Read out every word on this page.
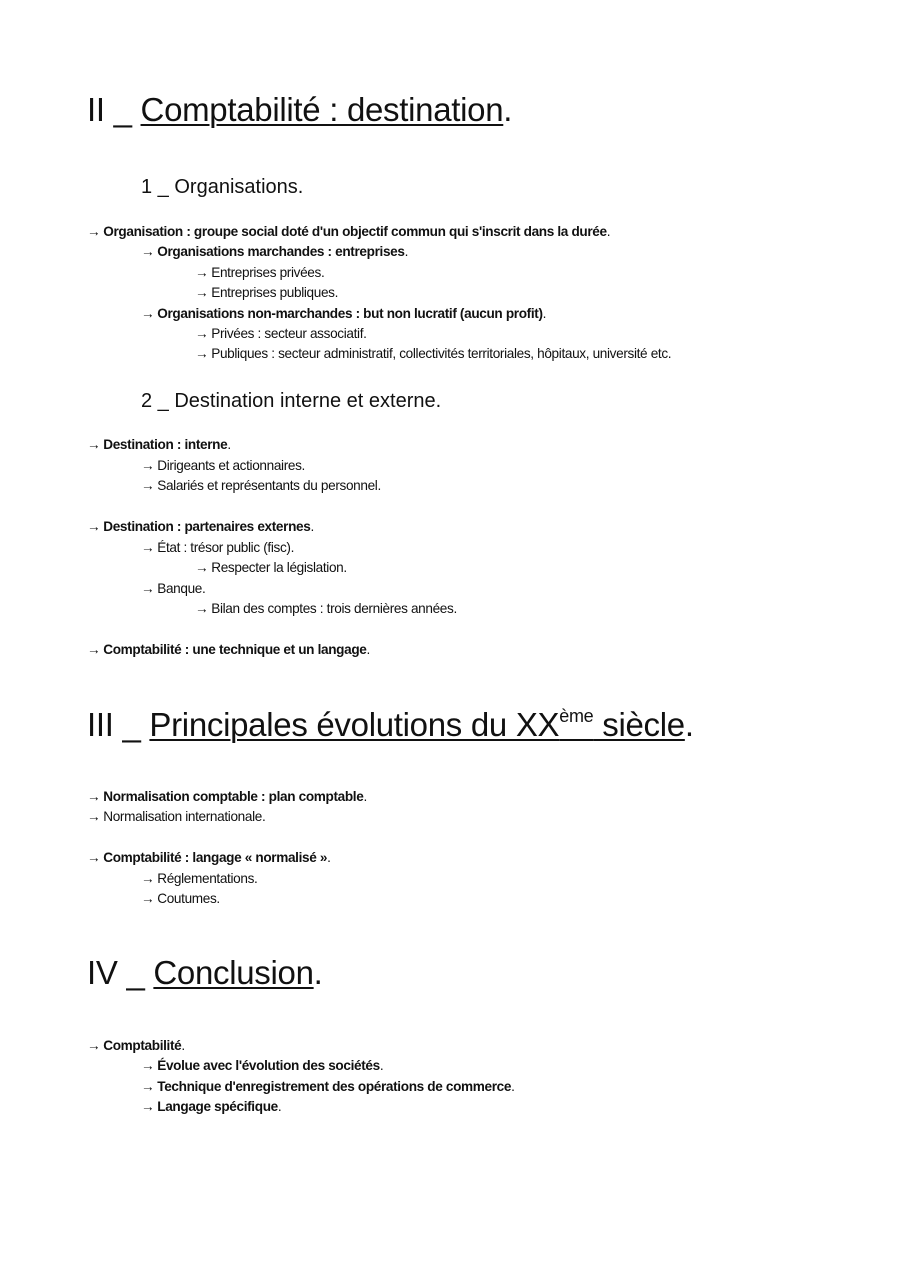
II _ Comptabilité : destination.
1 _ Organisations.
→ Organisation : groupe social doté d'un objectif commun qui s'inscrit dans la durée.
→ Organisations marchandes : entreprises.
→ Entreprises privées.
→ Entreprises publiques.
→ Organisations non-marchandes : but non lucratif (aucun profit).
→ Privées : secteur associatif.
→ Publiques : secteur administratif, collectivités territoriales, hôpitaux, université etc.
2 _ Destination interne et externe.
→ Destination : interne.
→ Dirigeants et actionnaires.
→ Salariés et représentants du personnel.
→ Destination : partenaires externes.
→ État : trésor public (fisc).
→ Respecter la législation.
→ Banque.
→ Bilan des comptes : trois dernières années.
→ Comptabilité : une technique et un langage.
III _ Principales évolutions du XXème siècle.
→ Normalisation comptable : plan comptable.
→ Normalisation internationale.
→ Comptabilité : langage « normalisé ».
→ Réglementations.
→ Coutumes.
IV _ Conclusion.
→ Comptabilité.
→ Évolue avec l'évolution des sociétés.
→ Technique d'enregistrement des opérations de commerce.
→ Langage spécifique.
